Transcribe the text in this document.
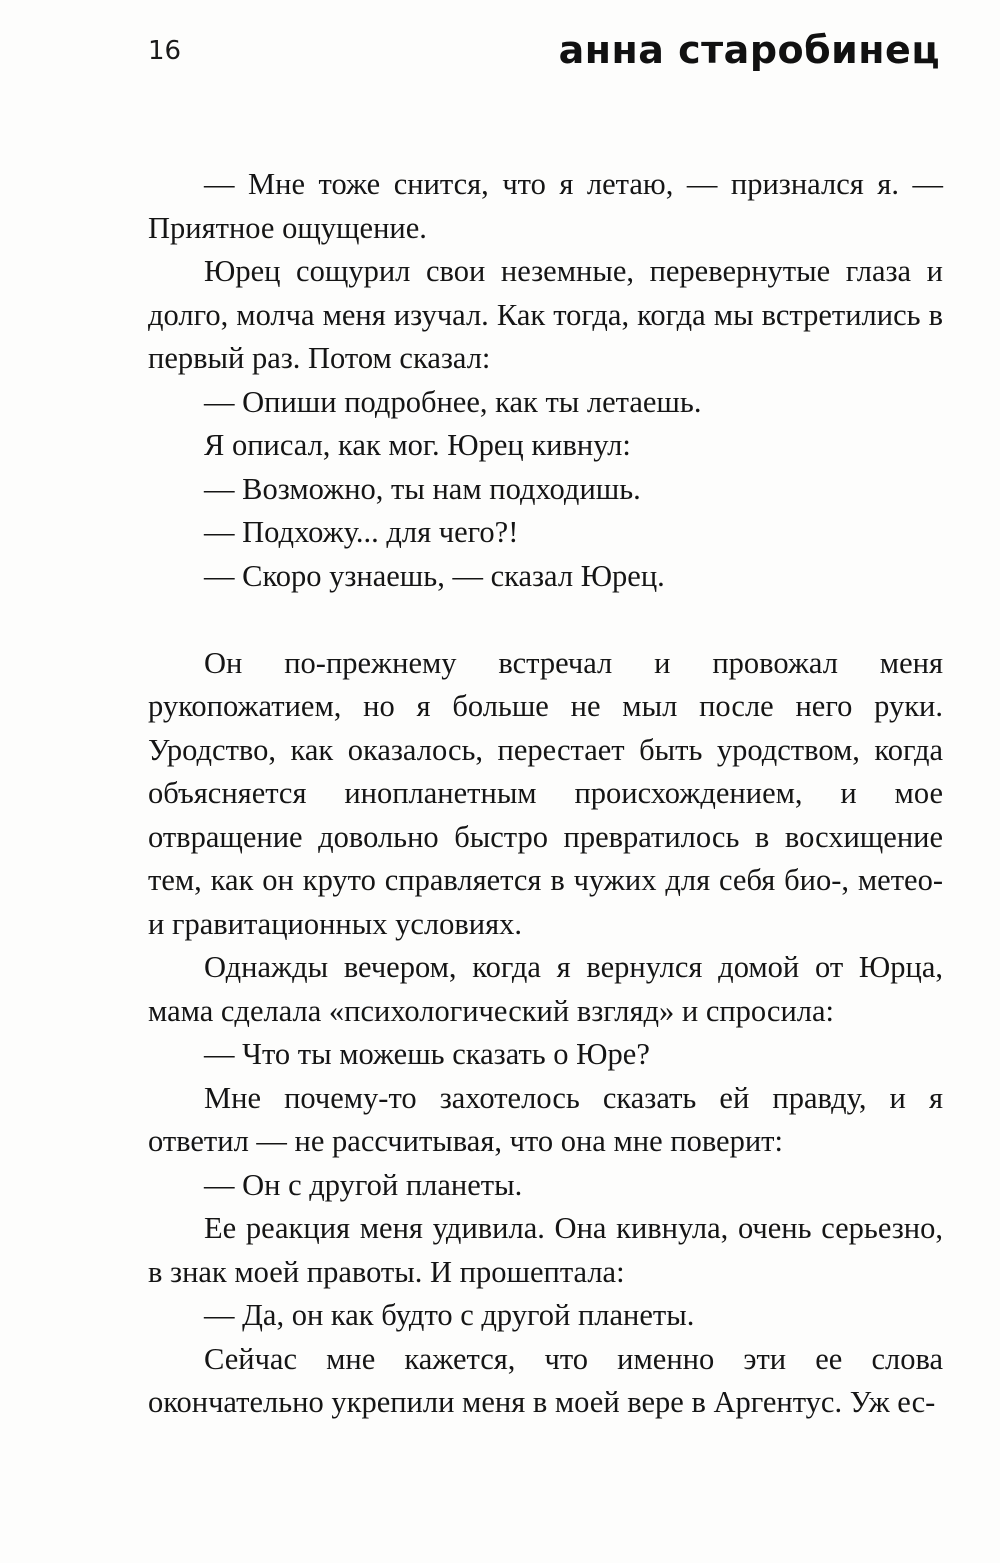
16	анна старобинец

— Мне тоже снится, что я летаю, — признался я. — Приятное ощущение.

Юрец сощурил свои неземные, перевернутые глаза и долго, молча меня изучал. Как тогда, когда мы встретились в первый раз. Потом сказал:

— Опиши подробнее, как ты летаешь.

Я описал, как мог. Юрец кивнул:

— Возможно, ты нам подходишь.

— Подхожу... для чего?!

— Скоро узнаешь, — сказал Юрец.

Он по-прежнему встречал и провожал меня рукопожатием, но я больше не мыл после него руки. Уродство, как оказалось, перестает быть уродством, когда объясняется инопланетным происхождением, и мое отвращение довольно быстро превратилось в восхищение тем, как он круто справляется в чужих для себя био-, метео- и гравитационных условиях.

Однажды вечером, когда я вернулся домой от Юрца, мама сделала «психологический взгляд» и спросила:

— Что ты можешь сказать о Юре?

Мне почему-то захотелось сказать ей правду, и я ответил — не рассчитывая, что она мне поверит:

— Он с другой планеты.

Ее реакция меня удивила. Она кивнула, очень серьезно, в знак моей правоты. И прошептала:

— Да, он как будто с другой планеты.

Сейчас мне кажется, что именно эти ее слова окончательно укрепили меня в моей вере в Аргентус. Уж ес-
